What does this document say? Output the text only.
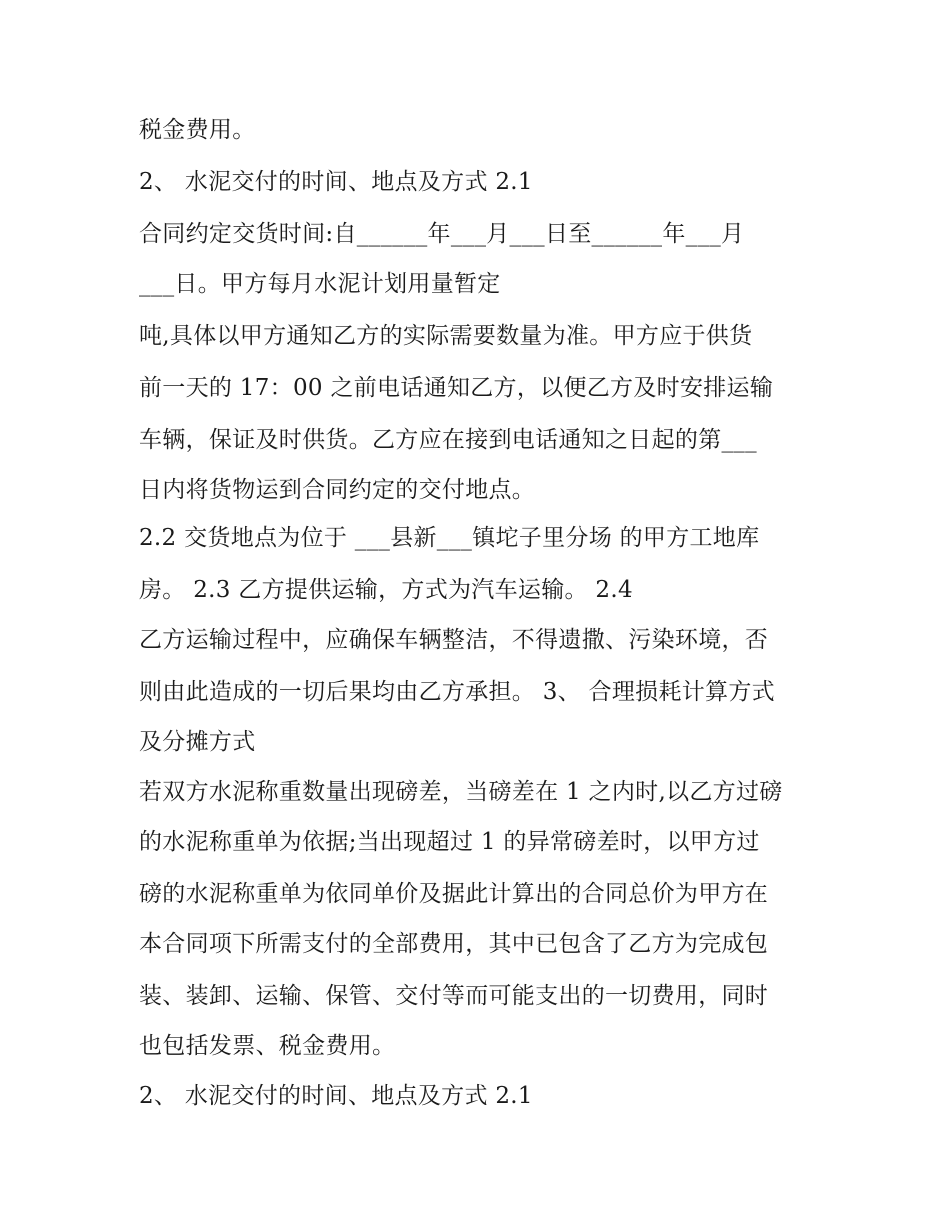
税金费用。
2、 水泥交付的时间、地点及方式 2.1
合同约定交货时间:自______年___月___日至______年___月
___日。甲方每月水泥计划用量暂定
吨,具体以甲方通知乙方的实际需要数量为准。甲方应于供货
前一天的 17：00 之前电话通知乙方，以便乙方及时安排运输
车辆，保证及时供货。乙方应在接到电话通知之日起的第___
日内将货物运到合同约定的交付地点。
2.2 交货地点为位于 ___县新___镇坨子里分场 的甲方工地库
房。 2.3 乙方提供运输，方式为汽车运输。 2.4
乙方运输过程中，应确保车辆整洁，不得遗撒、污染环境，否
则由此造成的一切后果均由乙方承担。 3、 合理损耗计算方式
及分摊方式
若双方水泥称重数量出现磅差，当磅差在 1 之内时,以乙方过磅
的水泥称重单为依据;当出现超过 1 的异常磅差时，以甲方过
磅的水泥称重单为依同单价及据此计算出的合同总价为甲方在
本合同项下所需支付的全部费用，其中已包含了乙方为完成包
装、装卸、运输、保管、交付等而可能支出的一切费用，同时
也包括发票、税金费用。
2、 水泥交付的时间、地点及方式 2.1
